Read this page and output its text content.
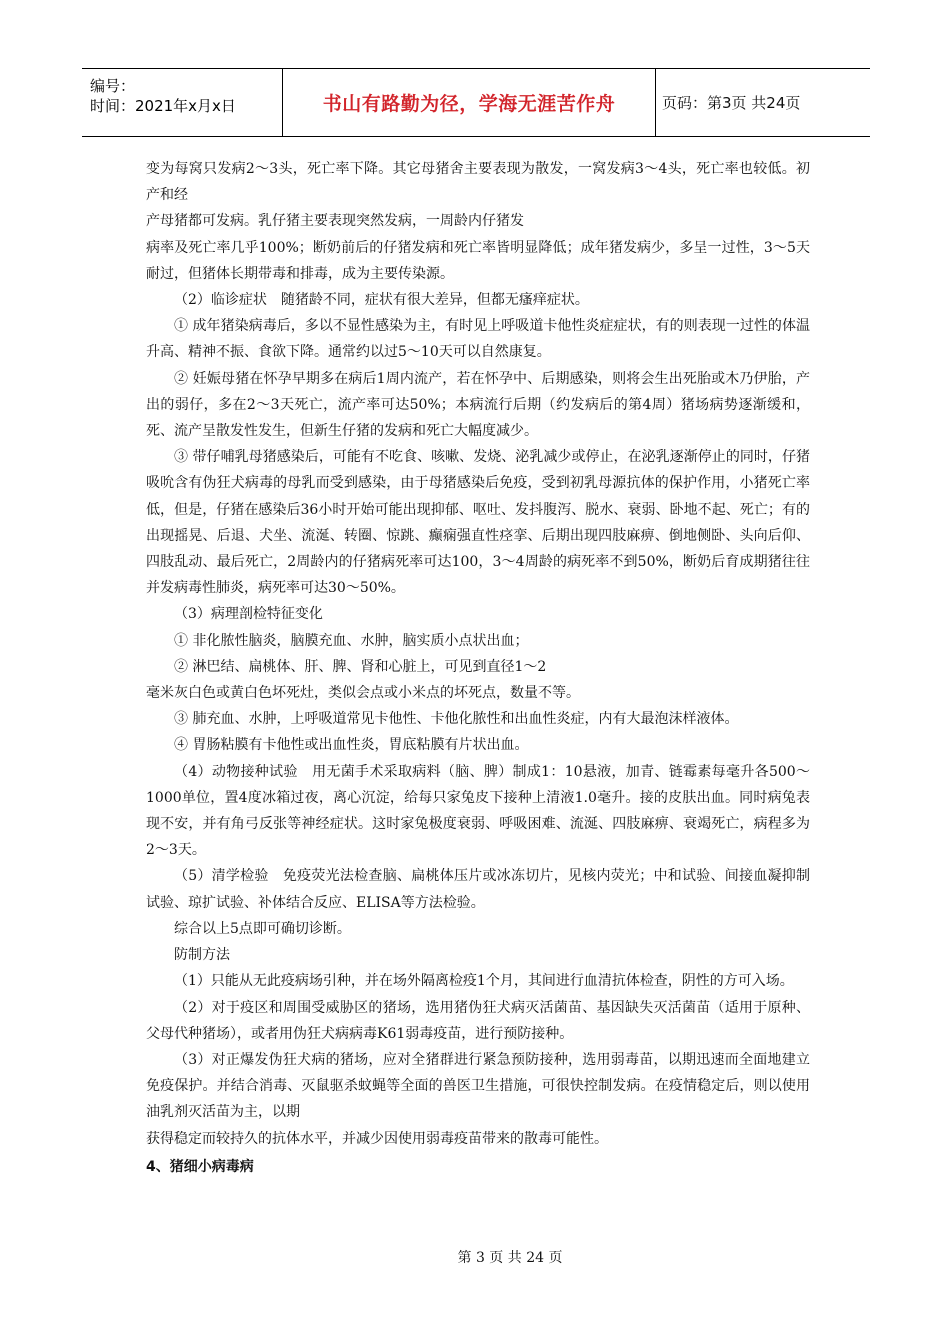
编号：
时间：2021年x月x日	书山有路勤为径，学海无涯苦作舟	页码：第3页 共24页

变为每窝只发病2～3头，死亡率下降。其它母猪舍主要表现为散发，一窝发病3～4头，死亡率也较低。初产和经

产母猪都可发病。乳仔猪主要表现突然发病，一周龄内仔猪发

病率及死亡率几乎100%；断奶前后的仔猪发病和死亡率皆明显降低；成年猪发病少，多呈一过性，3～5天耐过，但猪体长期带毒和排毒，成为主要传染源。

（2）临诊症状　随猪龄不同，症状有很大差异，但都无瘙痒症状。

① 成年猪染病毒后，多以不显性感染为主，有时见上呼吸道卡他性炎症症状，有的则表现一过性的体温升高、精神不振、食欲下降。通常约以过5～10天可以自然康复。

② 妊娠母猪在怀孕早期多在病后1周内流产，若在怀孕中、后期感染，则将会生出死胎或木乃伊胎，产出的弱仔，多在2～3天死亡，流产率可达50%；本病流行后期（约发病后的第4周）猪场病势逐渐缓和，死、流产呈散发性发生，但新生仔猪的发病和死亡大幅度减少。

③ 带仔哺乳母猪感染后，可能有不吃食、咳嗽、发烧、泌乳减少或停止，在泌乳逐渐停止的同时，仔猪吸吮含有伪狂犬病毒的母乳而受到感染，由于母猪感染后免疫，受到初乳母源抗体的保护作用，小猪死亡率低，但是，仔猪在感染后36小时开始可能出现抑郁、呕吐、发抖腹泻、脱水、衰弱、卧地不起、死亡；有的出现摇晃、后退、犬坐、流涎、转圈、惊跳、癫痫强直性痉挛、后期出现四肢麻痹、倒地侧卧、头向后仰、四肢乱动、最后死亡，2周龄内的仔猪病死率可达100，3～4周龄的病死率不到50%，断奶后育成期猪往往并发病毒性肺炎，病死率可达30～50%。

（3）病理剖检特征变化

① 非化脓性脑炎，脑膜充血、水肿，脑实质小点状出血；

② 淋巴结、扁桃体、肝、脾、肾和心脏上，可见到直径1～2

毫米灰白色或黄白色坏死灶，类似会点或小米点的坏死点，数量不等。

③ 肺充血、水肿，上呼吸道常见卡他性、卡他化脓性和出血性炎症，内有大最泡沫样液体。

④ 胃肠粘膜有卡他性或出血性炎，胃底粘膜有片状出血。

（4）动物接种试验　用无菌手术采取病料（脑、脾）制成1：10悬液，加青、链霉素每毫升各500～1000单位，置4度冰箱过夜，离心沉淀，给每只家兔皮下接种上清液1.0毫升。接的皮肤出血。同时病兔表现不安，并有角弓反张等神经症状。这时家兔极度衰弱、呼吸困难、流涎、四肢麻痹、衰竭死亡，病程多为2～3天。

（5）清学检验　免疫荧光法检查脑、扁桃体压片或冰冻切片，见核内荧光；中和试验、间接血凝抑制试验、琼扩试验、补体结合反应、ELISA等方法检验。

综合以上5点即可确切诊断。

防制方法

（1）只能从无此疫病场引种，并在场外隔离检疫1个月，其间进行血清抗体检查，阴性的方可入场。

（2）对于疫区和周围受威胁区的猪场，选用猪伪狂犬病灭活菌苗、基因缺失灭活菌苗（适用于原种、父母代种猪场），或者用伪狂犬病病毒K61弱毒疫苗，进行预防接种。

（3）对正爆发伪狂犬病的猪场，应对全猪群进行紧急预防接种，选用弱毒苗，以期迅速而全面地建立免疫保护。并结合消毒、灭鼠驱杀蚊蝇等全面的兽医卫生措施，可很快控制发病。在疫情稳定后，则以使用油乳剂灭活苗为主，以期

获得稳定而较持久的抗体水平，并减少因使用弱毒疫苗带来的散毒可能性。

4、猪细小病毒病

第 3 页 共 24 页
